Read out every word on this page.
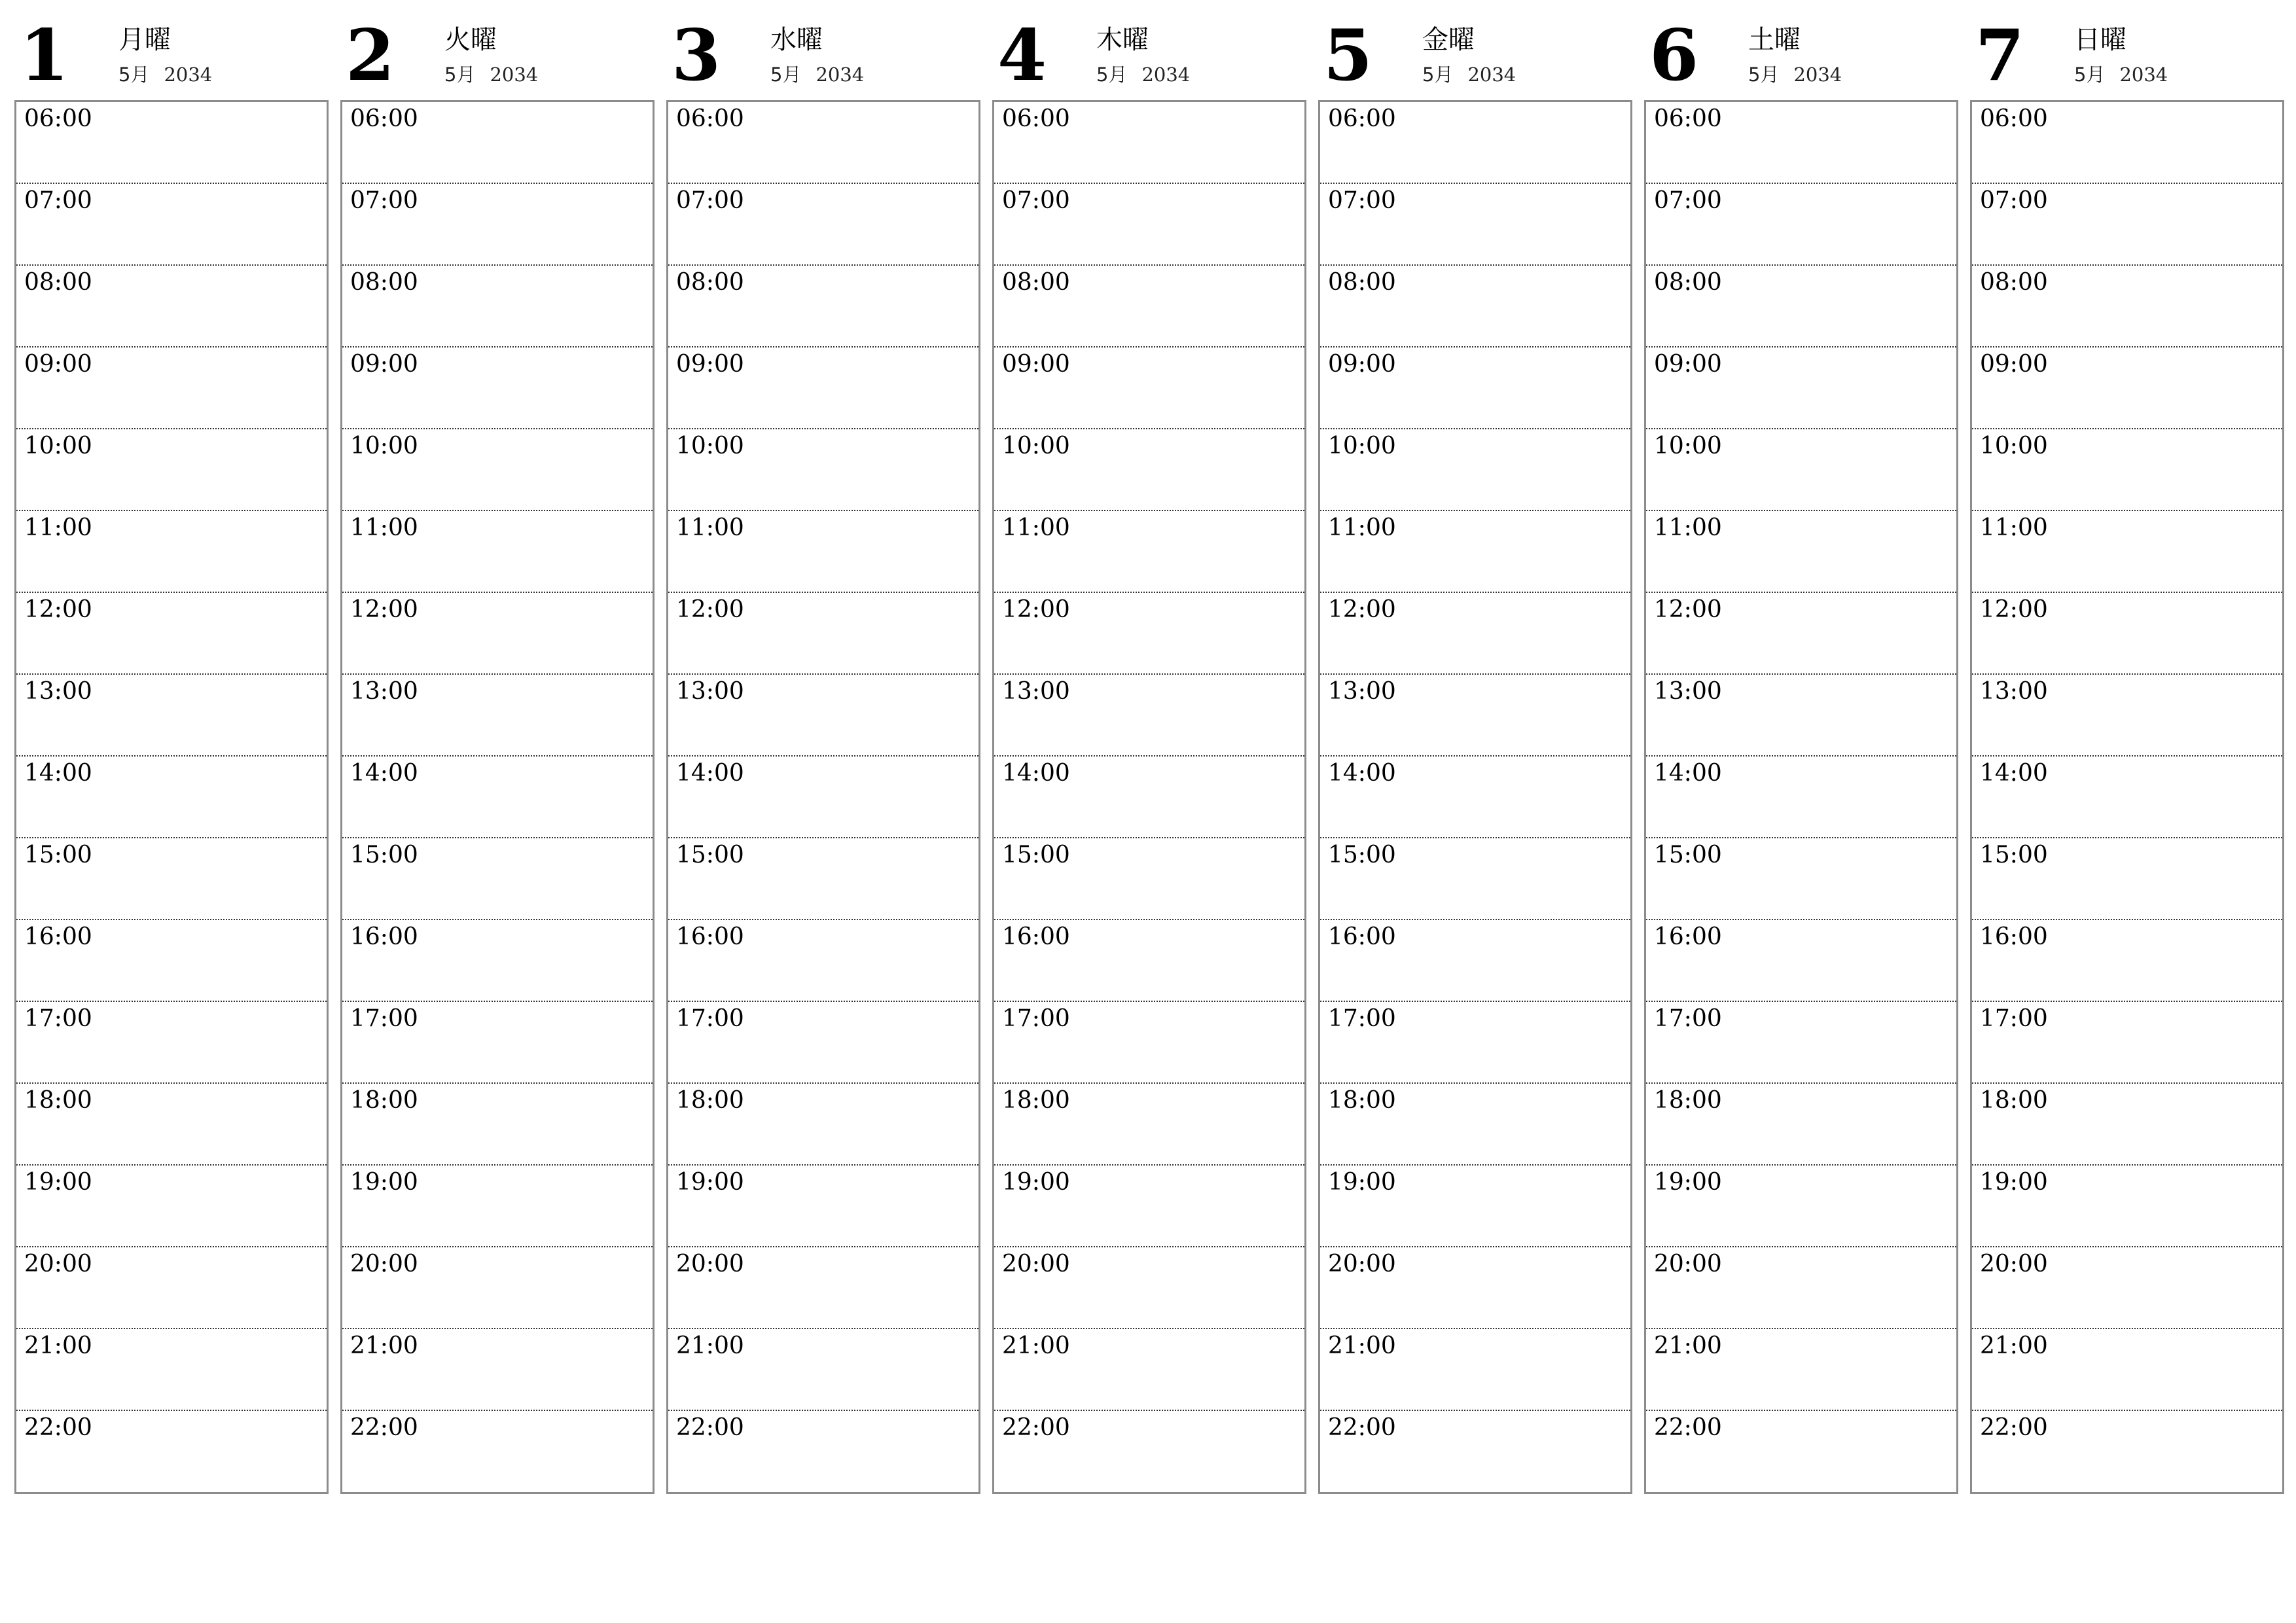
1 月曜
5月 2034
06:00
07:00
08:00
09:00
10:00
11:00
12:00
13:00
14:00
15:00
16:00
17:00
18:00
19:00
20:00
21:00
22:00
2 火曜
5月 2034
06:00
07:00
08:00
09:00
10:00
11:00
12:00
13:00
14:00
15:00
16:00
17:00
18:00
19:00
20:00
21:00
22:00
3 水曜
5月 2034
06:00
07:00
08:00
09:00
10:00
11:00
12:00
13:00
14:00
15:00
16:00
17:00
18:00
19:00
20:00
21:00
22:00
4 木曜
5月 2034
06:00
07:00
08:00
09:00
10:00
11:00
12:00
13:00
14:00
15:00
16:00
17:00
18:00
19:00
20:00
21:00
22:00
5 金曜
5月 2034
06:00
07:00
08:00
09:00
10:00
11:00
12:00
13:00
14:00
15:00
16:00
17:00
18:00
19:00
20:00
21:00
22:00
6 土曜
5月 2034
06:00
07:00
08:00
09:00
10:00
11:00
12:00
13:00
14:00
15:00
16:00
17:00
18:00
19:00
20:00
21:00
22:00
7 日曜
5月 2034
06:00
07:00
08:00
09:00
10:00
11:00
12:00
13:00
14:00
15:00
16:00
17:00
18:00
19:00
20:00
21:00
22:00
